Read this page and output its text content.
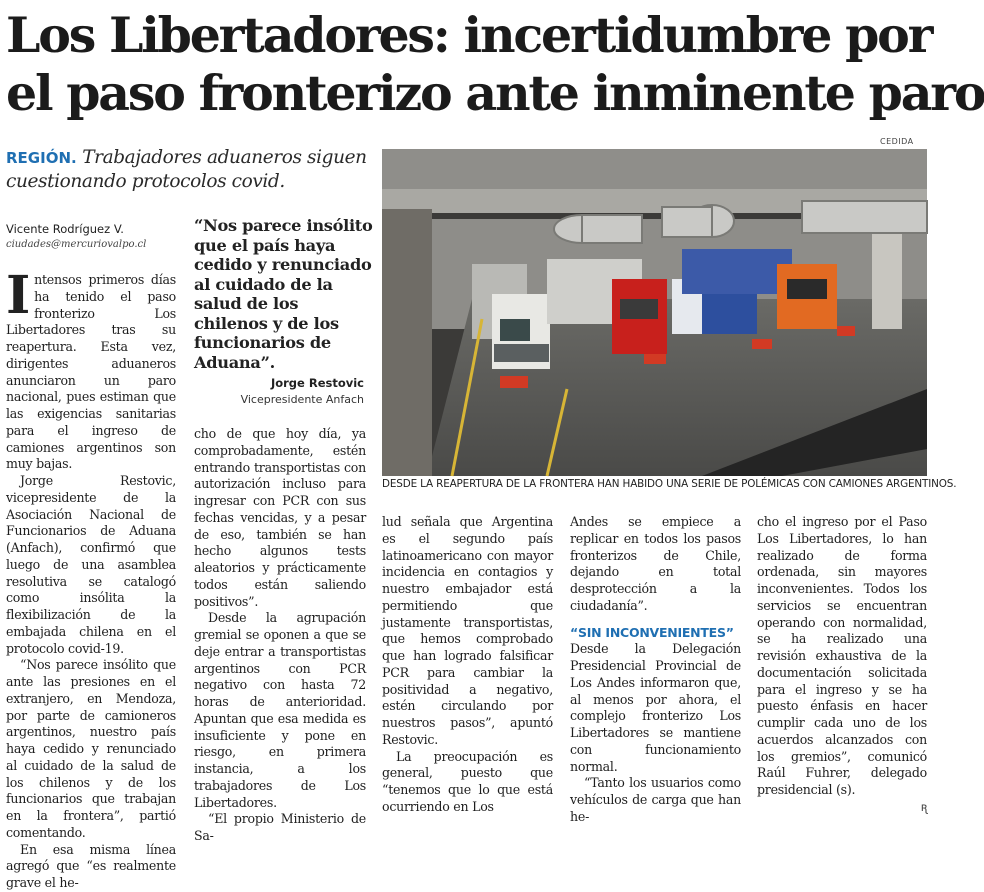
Los Libertadores: incertidumbre por
el paso fronterizo ante inminente paro
REGIÓN. Trabajadores aduaneros siguen cuestionando protocolos covid.
Vicente Rodríguez V.
ciudades@mercuriovalpo.cl
“Nos parece insólito que el país haya cedido y renunciado al cuidado de la salud de los chilenos y de los funcionarios de Aduana”.
Jorge Restovic
Vicepresidente Anfach
CEDIDA
DESDE LA REAPERTURA DE LA FRONTERA HAN HABIDO UNA SERIE DE POLÉMICAS CON CAMIONES ARGENTINOS.

Intensos primeros días ha tenido el paso fronterizo Los Libertadores tras su reapertura. Esta vez, dirigentes aduaneros anunciaron un paro nacional, pues estiman que las exigencias sanitarias para el ingreso de camiones argentinos son muy bajas.

Jorge Restovic, vicepresidente de la Asociación Nacional de Funcionarios de Aduana (Anfach), confirmó que luego de una asamblea resolutiva se catalogó como insólita la flexibilización de la embajada chilena en el protocolo covid-19.

“Nos parece insólito que ante las presiones en el extranjero, en Mendoza, por parte de camioneros argentinos, nuestro país haya cedido y renunciado al cuidado de la salud de los chilenos y de los funcionarios que trabajan en la frontera”, partió comentando.

En esa misma línea agregó que “es realmente grave el he-

cho de que hoy día, ya comprobadamente, estén entrando transportistas con autorización incluso para ingresar con PCR con sus fechas vencidas, y a pesar de eso, también se han hecho algunos tests aleatorios y prácticamente todos están saliendo positivos”.

Desde la agrupación gremial se oponen a que se deje entrar a transportistas argentinos con PCR negativo con hasta 72 horas de anterioridad. Apuntan que esa medida es insuficiente y pone en riesgo, en primera instancia, a los trabajadores de Los Libertadores.

“El propio Ministerio de Sa-

lud señala que Argentina es el segundo país latinoamericano con mayor incidencia en contagios y nuestro embajador está permitiendo que justamente transportistas, que hemos comprobado que han logrado falsificar PCR para cambiar la positividad a negativo, estén circulando por nuestros pasos”, apuntó Restovic.

La preocupación es general, puesto que “tenemos que lo que está ocurriendo en Los

Andes se empiece a replicar en todos los pasos fronterizos de Chile, dejando en total desprotección a la ciudadanía”.

“SIN INCONVENIENTES”

Desde la Delegación Presidencial Provincial de Los Andes informaron que, al menos por ahora, el complejo fronterizo Los Libertadores se mantiene con funcionamiento normal.

“Tanto los usuarios como vehículos de carga que han he-

cho el ingreso por el Paso Los Libertadores, lo han realizado de forma ordenada, sin mayores inconvenientes. Todos los servicios se encuentran operando con normalidad, se ha realizado una revisión exhaustiva de la documentación solicitada para el ingreso y se ha puesto énfasis en hacer cumplir cada uno de los acuerdos alcanzados con los gremios”, comunicó Raúl Fuhrer, delegado presidencial (s).

ꭆ
